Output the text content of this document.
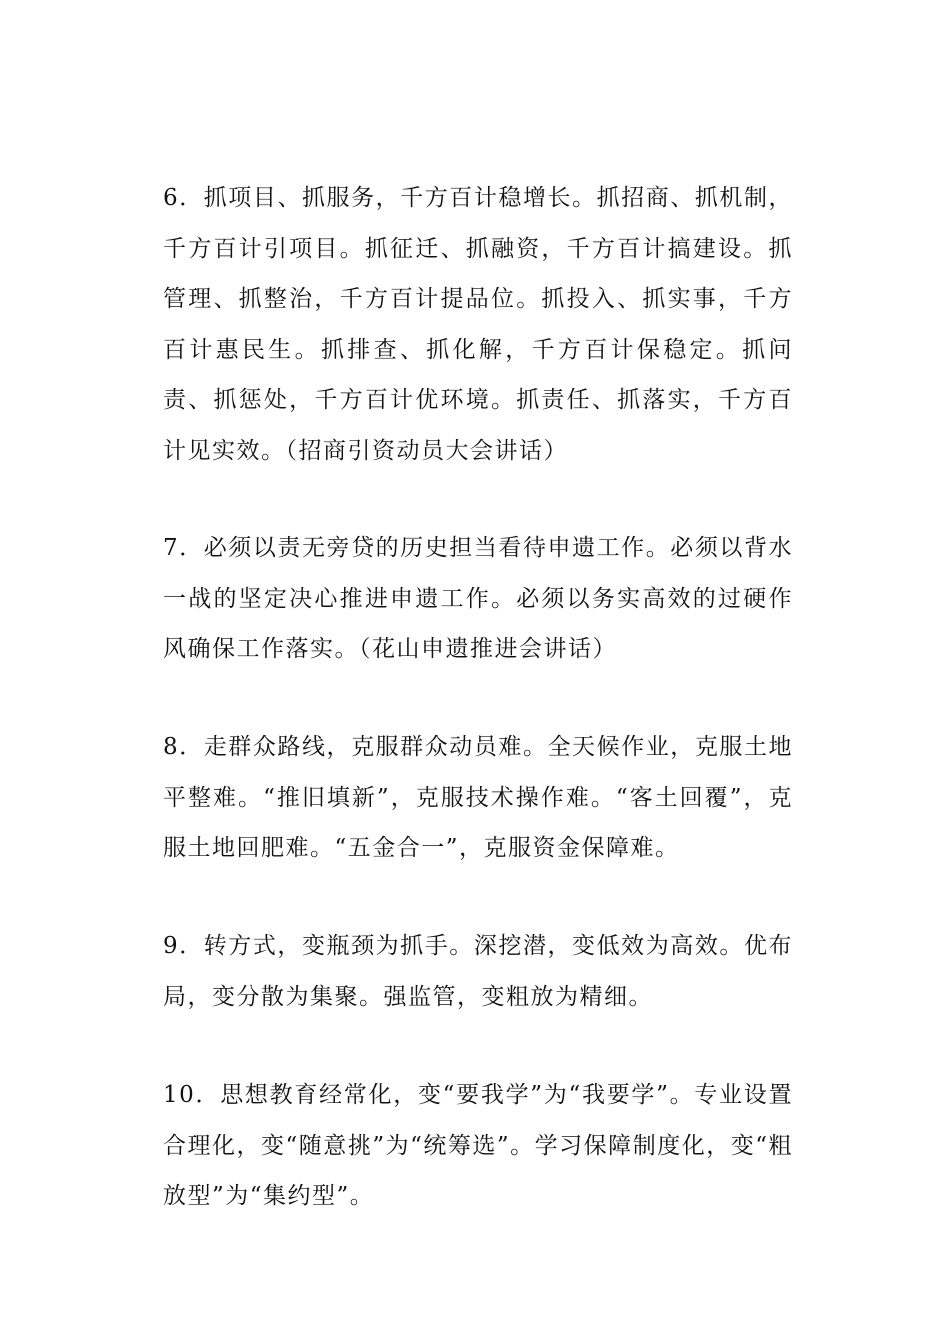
6．抓项目、抓服务，千方百计稳增长。抓招商、抓机制，千方百计引项目。抓征迁、抓融资，千方百计搞建设。抓管理、抓整治，千方百计提品位。抓投入、抓实事，千方百计惠民生。抓排查、抓化解，千方百计保稳定。抓问责、抓惩处，千方百计优环境。抓责任、抓落实，千方百计见实效。（招商引资动员大会讲话）

7．必须以责无旁贷的历史担当看待申遗工作。必须以背水一战的坚定决心推进申遗工作。必须以务实高效的过硬作风确保工作落实。（花山申遗推进会讲话）

8．走群众路线，克服群众动员难。全天候作业，克服土地平整难。“推旧填新”，克服技术操作难。“客土回覆”，克服土地回肥难。“五金合一”，克服资金保障难。

9．转方式，变瓶颈为抓手。深挖潜，变低效为高效。优布局，变分散为集聚。强监管，变粗放为精细。

10．思想教育经常化，变“要我学”为“我要学”。专业设置合理化，变“随意挑”为“统筹选”。学习保障制度化，变“粗放型”为“集约型”。
